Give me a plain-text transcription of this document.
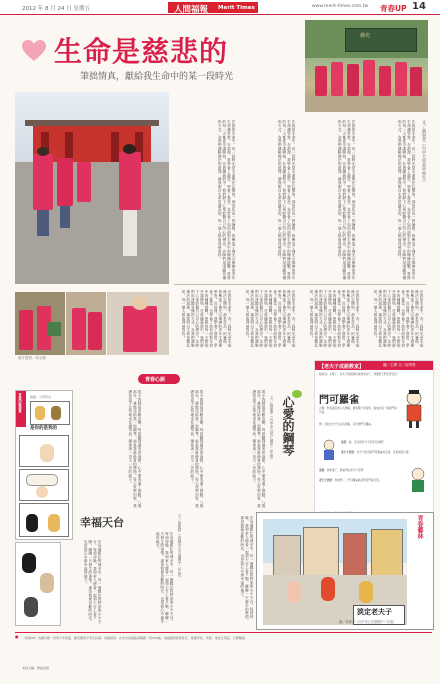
2012 年 8 月 24 日 星期五	人間福報 Merit Times	www.merit-times.com.tw 青春UP 14
生命是慈悲的
筆拙情真，獻給我生命中的某一段時光
佛光
文／黃羽萱（台中大里高中學生）
在我的生命中，有一段時光是永遠無法忘懷的。那是在高一的暑假，我參加了佛光山舉辦的青年生命禪學營。在那裡，我學會了感恩，學會了慈悲，也學會了如何面對生命中的種種挑戰。營隊的每一天都從早課開始，在晨鐘暮鼓中，我們靜下心來聆聽自己內心的聲音。法師們用淺顯易懂的方式，為我們講解佛法的道理，讓我明白生命是慈悲的，每一個人都值得被善待。
在我的生命中，有一段時光是永遠無法忘懷的。那是在高一的暑假，我參加了佛光山舉辦的青年生命禪學營。在那裡，我學會了感恩，學會了慈悲，也學會了如何面對生命中的種種挑戰。營隊的每一天都從早課開始，在晨鐘暮鼓中，我們靜下心來聆聽自己內心的聲音。法師們用淺顯易懂的方式，為我們講解佛法的道理，讓我明白生命是慈悲的，每一個人都值得被善待。
在我的生命中，有一段時光是永遠無法忘懷的。那是在高一的暑假，我參加了佛光山舉辦的青年生命禪學營。在那裡，我學會了感恩，學會了慈悲，也學會了如何面對生命中的種種挑戰。營隊的每一天都從早課開始，在晨鐘暮鼓中，我們靜下心來聆聽自己內心的聲音。法師們用淺顯易懂的方式，為我們講解佛法的道理，讓我明白生命是慈悲的，每一個人都值得被善待。
在我的生命中，有一段時光是永遠無法忘懷的。那是在高一的暑假，我參加了佛光山舉辦的青年生命禪學營。在那裡，我學會了感恩，學會了慈悲，也學會了如何面對生命中的種種挑戰。營隊的每一天都從早課開始，在晨鐘暮鼓中，我們靜下心來聆聽自己內心的聲音。法師們用淺顯易懂的方式，為我們講解佛法的道理，讓我明白生命是慈悲的，每一個人都值得被善待。
在我的生命中，有一段時光是永遠無法忘懷的。那是在高一的暑假，我參加了佛光山舉辦的青年生命禪學營。在那裡，我學會了感恩，學會了慈悲，也學會了如何面對生命中的種種挑戰。營隊的每一天都從早課開始，在晨鐘暮鼓中，我們靜下心來聆聽自己內心的聲音。法師們用淺顯易懂的方式，為我們講解佛法的道理，讓我明白生命是慈悲的，每一個人都值得被善待。
在我的生命中，有一段時光是永遠無法忘懷的。那是在高一的暑假，我參加了佛光山舉辦的青年生命禪學營。在那裡，我學會了感恩，學會了慈悲，也學會了如何面對生命中的種種挑戰。營隊的每一天都從早課開始，在晨鐘暮鼓中，我們靜下心來聆聽自己內心的聲音。法師們用淺顯易懂的方式，為我們講解佛法的道理，讓我明白生命是慈悲的，每一個人都值得被善待。
在我的生命中，有一段時光是永遠無法忘懷的。那是在高一的暑假，我參加了佛光山舉辦的青年生命禪學營。在那裡，我學會了感恩，學會了慈悲，也學會了如何面對生命中的種種挑戰。營隊的每一天都從早課開始，在晨鐘暮鼓中，我們靜下心來聆聽自己內心的聲音。法師們用淺顯易懂的方式，為我們講解佛法的道理，讓我明白生命是慈悲的，每一個人都值得被善待。
在我的生命中，有一段時光是永遠無法忘懷的。那是在高一的暑假，我參加了佛光山舉辦的青年生命禪學營。在那裡，我學會了感恩，學會了慈悲，也學會了如何面對生命中的種種挑戰。營隊的每一天都從早課開始，在晨鐘暮鼓中，我們靜下心來聆聽自己內心的聲音。法師們用淺顯易懂的方式，為我們講解佛法的道理，讓我明白生命是慈悲的，每一個人都值得被善待。
照片提供／黃羽萱
【老夫子成語教室】	圖／王澤 文／邱秀堂
哈哈哈！太棒了，老夫子的錢終於被我拿到了，我要把它們全部花光！
門可羅雀
正解：形容做官的人失勢後，賓客稀少的景象，後來泛指一般的門庭冷落。
例：自從老夫子生意失敗後，家中便門可羅雀。
秦叔：唉，可以用老夫子家很冷清嗎？
老夫子評語：老夫子說這是門可羅雀的意思，意思就是冷清。
秦叔：我知道了，那就用在老夫子家吧！
老夫子評語：你說對了，門可羅雀就是形容門庭冷落。
青春心語
心愛的鋼琴
文／張晏寧（台中市立居仁國中二年級）
從小我就很喜歡音樂，每當聽到優美的旋律，心中便充滿了感動。八歲那年，爸媽送給我一架鋼琴，那是我最珍貴的禮物。每天放學回家，我總是迫不及待地坐在鋼琴前，彈奏著一首又一首的曲子。
從小我就很喜歡音樂，每當聽到優美的旋律，心中便充滿了感動。八歲那年，爸媽送給我一架鋼琴，那是我最珍貴的禮物。每天放學回家，我總是迫不及待地坐在鋼琴前，彈奏著一首又一首的曲子。
從小我就很喜歡音樂，每當聽到優美的旋律，心中便充滿了感動。八歲那年，爸媽送給我一架鋼琴，那是我最珍貴的禮物。每天放學回家，我總是迫不及待地坐在鋼琴前，彈奏著一首又一首的曲子。
青春四格漫畫	繪圖／天邦阿杰
是你的是我的
幸福天台	文／張凱婷（高雄市立五福國中二年級）	在這個繁忙的城市中，有一個屬於我們家的小小天台。每到傍晚，我和家人總會一起到天台上看夕陽，聊聊一天發生的事情。那是我最喜歡的時光，也是我心中最幸福的地方。
在這個繁忙的城市中，有一個屬於我們家的小小天台。每到傍晚，我和家人總會一起到天台上看夕陽，聊聊一天發生的事情。那是我最喜歡的時光，也是我心中最幸福的地方。
在這個繁忙的城市中，有一個屬於我們家的小小天台。每到傍晚，我和家人總會一起到天台上看夕陽，聊聊一天發生的事情。那是我最喜歡的時光，也是我心中最幸福的地方。
青春藝林
淡定老夫子
圖／黃煒彥（台中市立光德國中二年級）
● 《青春UP》為國內唯一的青少年版面，歡迎國高中學生投稿。來稿請寄：台北市信義區基隆路一段200號。來稿請附真實姓名、就讀學校、年級、地址及電話，以便聯絡。
本版主編：覺涵法師
